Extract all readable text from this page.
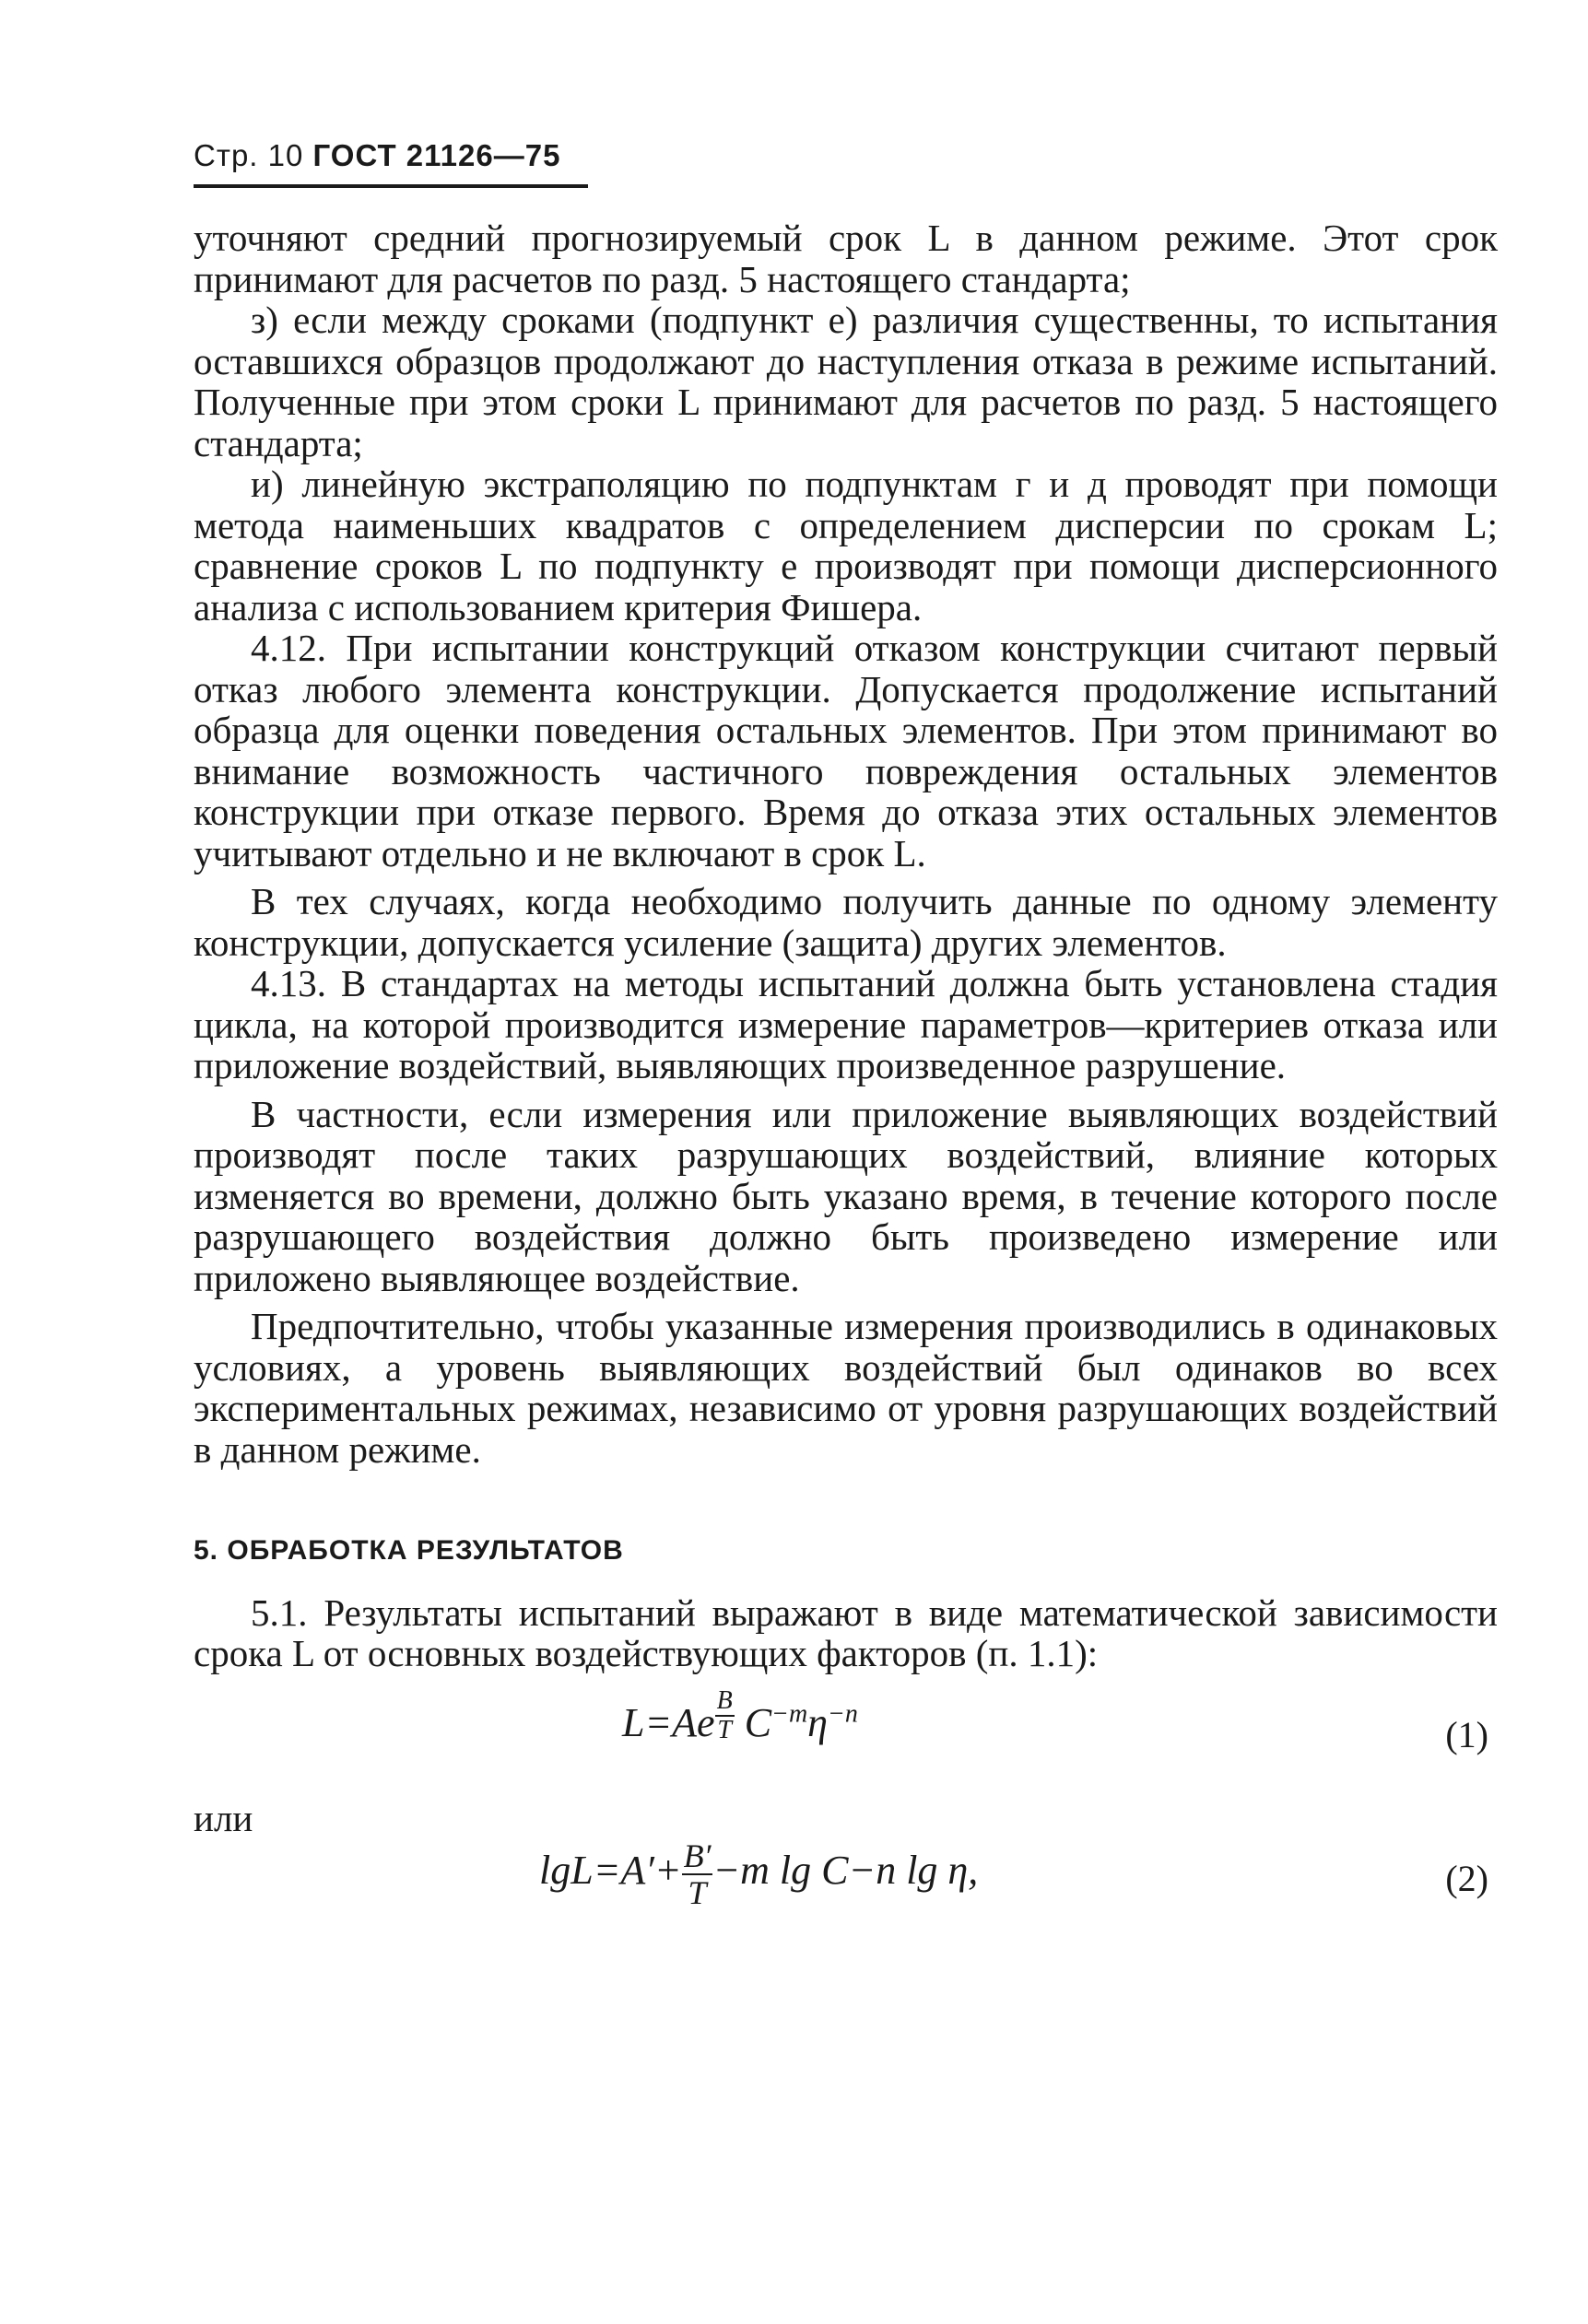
Стр. 10 ГОСТ 21126—75

уточняют средний прогнозируемый срок L в данном режиме. Этот срок принимают для расчетов по разд. 5 настоящего стандарта;

з) если между сроками (подпункт е) различия существенны, то испытания оставшихся образцов продолжают до наступления отказа в режиме испытаний. Полученные при этом сроки L принимают для расчетов по разд. 5 настоящего стандарта;

и) линейную экстраполяцию по подпунктам г и д проводят при помощи метода наименьших квадратов с определением дисперсии по срокам L; сравнение сроков L по подпункту е производят при помощи дисперсионного анализа с использованием критерия Фишера.

4.12. При испытании конструкций отказом конструкции считают первый отказ любого элемента конструкции. Допускается продолжение испытаний образца для оценки поведения остальных элементов. При этом принимают во внимание возможность частичного повреждения остальных элементов конструкции при отказе первого. Время до отказа этих остальных элементов учитывают отдельно и не включают в срок L.

В тех случаях, когда необходимо получить данные по одному элементу конструкции, допускается усиление (защита) других элементов.

4.13. В стандартах на методы испытаний должна быть установлена стадия цикла, на которой производится измерение параметров—критериев отказа или приложение воздействий, выявляющих произведенное разрушение.

В частности, если измерения или приложение выявляющих воздействий производят после таких разрушающих воздействий, влияние которых изменяется во времени, должно быть указано время, в течение которого после разрушающего воздействия должно быть произведено измерение или приложено выявляющее воздействие.

Предпочтительно, чтобы указанные измерения производились в одинаковых условиях, а уровень выявляющих воздействий был одинаков во всех экспериментальных режимах, независимо от уровня разрушающих воздействий в данном режиме.

5. ОБРАБОТКА РЕЗУЛЬТАТОВ

5.1. Результаты испытаний выражают в виде математической зависимости срока L от основных воздействующих факторов (п. 1.1):

L=Ae $^{\frac{B}{T}}$ $C^{-m}\eta^{-n}$
(1)

или

$\lg L=A'+ \frac{B'}{T} -m$ lg C−n lg η,	(2)
